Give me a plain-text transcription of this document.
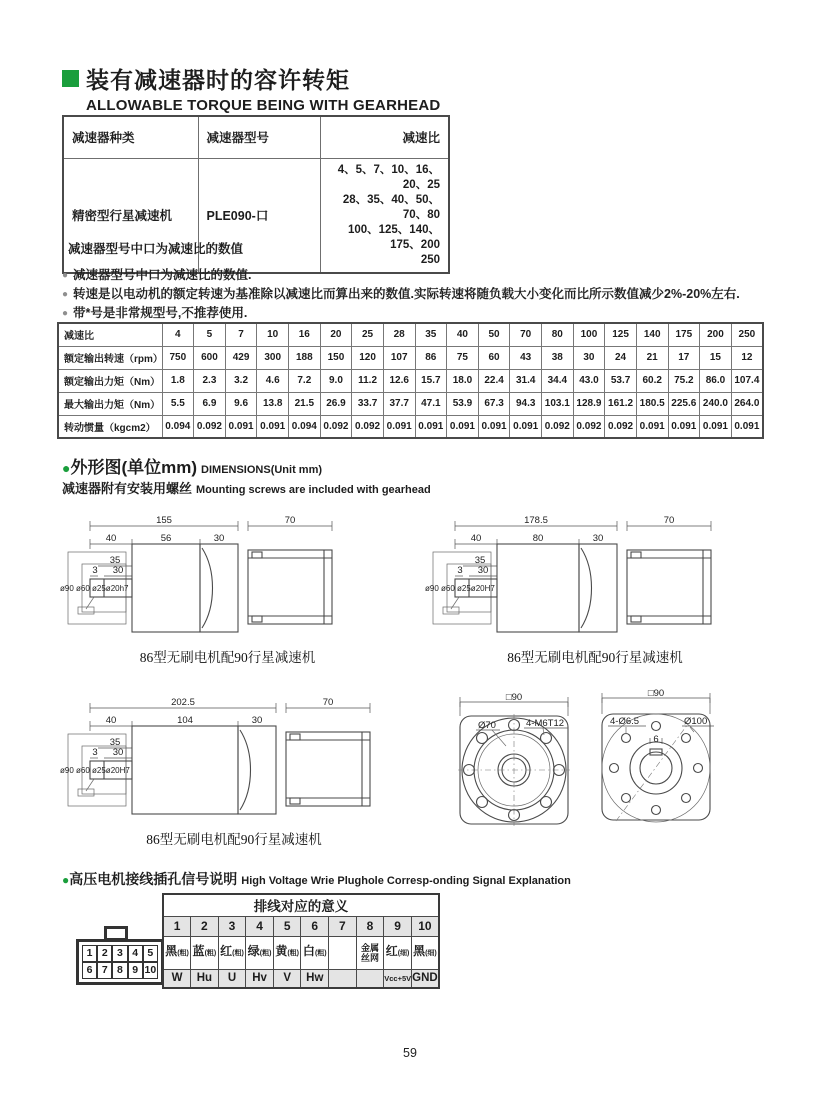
装有减速器时的容许转矩
ALLOWABLE TORQUE BEING WITH GEARHEAD
减速器种类	减速器型号	减速比
精密型行星减速机	PLE090-口	4、5、7、10、16、20、25
28、35、40、50、70、80
100、125、140、175、200
250
减速器型号中口为减速比的数值
● 减速器型号中口为减速比的数值.
● 转速是以电动机的额定转速为基准除以减速比而算出来的数值.实际转速将随负载大小变化而比所示数值减少2%-20%左右.
● 带*号是非常规型号,不推荐使用.
减速比	4	5	7	10	16	20	25	28	35	40	50	70	80	100	125	140	175	200	250
额定输出转速（rpm）	750	600	429	300	188	150	120	107	86	75	60	43	38	30	24	21	17	15	12
额定输出力矩（Nm）	1.8	2.3	3.2	4.6	7.2	9.0	11.2	12.6	15.7	18.0	22.4	31.4	34.4	43.0	53.7	60.2	75.2	86.0	107.4
最大输出力矩（Nm）	5.5	6.9	9.6	13.8	21.5	26.9	33.7	37.7	47.1	53.9	67.3	94.3	103.1	128.9	161.2	180.5	225.6	240.0	264.0
转动惯量（kgcm2）	0.094	0.092	0.091	0.091	0.094	0.092	0.092	0.091	0.091	0.091	0.091	0.091	0.092	0.092	0.092	0.091	0.091	0.091	0.091
●外形图(单位mm) DIMENSIONS(Unit mm)
减速器附有安装用螺丝 Mounting screws are included with gearhead
155	70
40	56	30
35
30
3
ø90 ø60 ø25ø20h7
86型无刷电机配90行星减速机
178.5	70
40	80	30
35
30
3
ø90 ø60 ø25ø20H7
86型无刷电机配90行星减速机
202.5	70
40	104	30
35
30
3
ø90 ø60 ø25ø20H7
86型无刷电机配90行星减速机
□90
Ø70	4-M6T12
□90
6
4-Ø6.5	Ø100
●高压电机接线插孔信号说明 High Voltage Wrie Plughole Corresp-onding Signal Explanation
1 2 3 4 5
6 7 8 9 10
排线对应的意义									
1	2	3	4	5	6	7	8	9	10
黑(粗)	蓝(粗)	红(粗)	绿(粗)	黄(粗)	白(粗)		金属丝网	红(细)	黑(细)
W	Hu	U	Hv	V	Hw			Vcc+5V	GND
59
